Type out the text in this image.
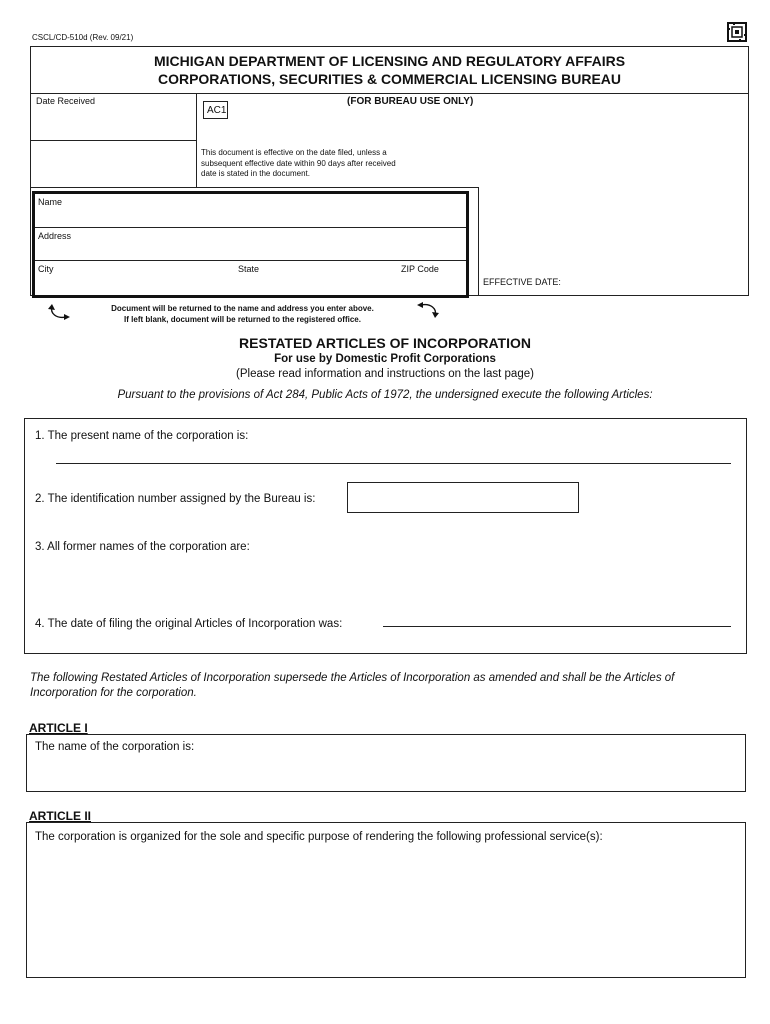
CSCL/CD-510d (Rev. 09/21)
MICHIGAN DEPARTMENT OF LICENSING AND REGULATORY AFFAIRS
CORPORATIONS, SECURITIES & COMMERCIAL LICENSING BUREAU
Date Received	(FOR BUREAU USE ONLY)
AC1
This document is effective on the date filed, unless a
subsequent effective date within 90 days after received
date is stated in the document.
Name
Address
City	State	ZIP Code
EFFECTIVE DATE:
Document will be returned to the name and address you enter above.
If left blank, document will be returned to the registered office.
RESTATED ARTICLES OF INCORPORATION
For use by Domestic Profit Corporations
(Please read information and instructions on the last page)
Pursuant to the provisions of Act 284, Public Acts of 1972, the undersigned execute the following Articles:
1. The present name of the corporation is:
2. The identification number assigned by the Bureau is:
3. All former names of the corporation are:
4. The date of filing the original Articles of Incorporation was:
The following Restated Articles of Incorporation supersede the Articles of Incorporation as amended and shall be the Articles of
Incorporation for the corporation.
ARTICLE I
The name of the corporation is:
ARTICLE II
The corporation is organized for the sole and specific purpose of rendering the following professional service(s):
